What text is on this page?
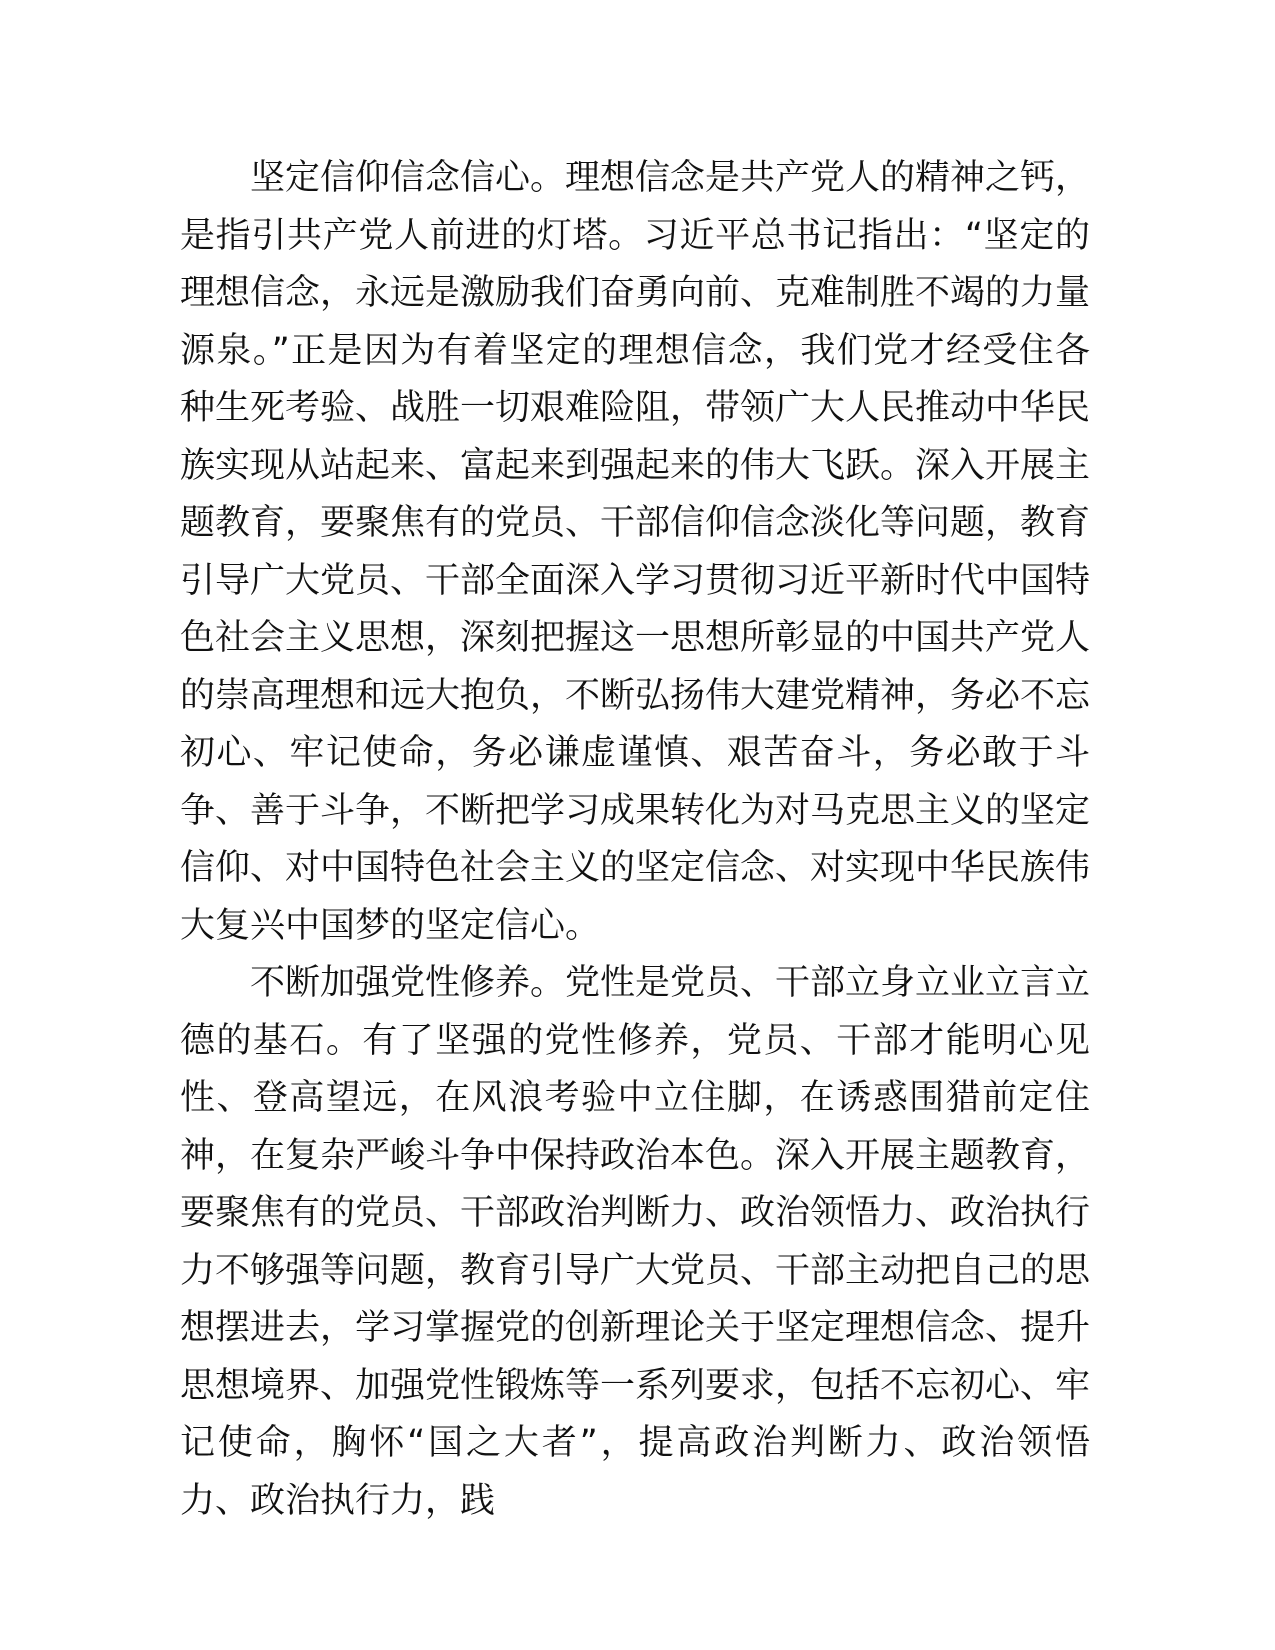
坚定信仰信念信心。理想信念是共产党人的精神之钙，是指引共产党人前进的灯塔。习近平总书记指出：“坚定的理想信念，永远是激励我们奋勇向前、克难制胜不竭的力量源泉。”正是因为有着坚定的理想信念，我们党才经受住各种生死考验、战胜一切艰难险阻，带领广大人民推动中华民族实现从站起来、富起来到强起来的伟大飞跃。深入开展主题教育，要聚焦有的党员、干部信仰信念淡化等问题，教育引导广大党员、干部全面深入学习贯彻习近平新时代中国特色社会主义思想，深刻把握这一思想所彰显的中国共产党人的崇高理想和远大抱负，不断弘扬伟大建党精神，务必不忘初心、牢记使命，务必谦虚谨慎、艰苦奋斗，务必敢于斗争、善于斗争，不断把学习成果转化为对马克思主义的坚定信仰、对中国特色社会主义的坚定信念、对实现中华民族伟大复兴中国梦的坚定信心。

不断加强党性修养。党性是党员、干部立身立业立言立德的基石。有了坚强的党性修养，党员、干部才能明心见性、登高望远，在风浪考验中立住脚，在诱惑围猎前定住神，在复杂严峻斗争中保持政治本色。深入开展主题教育，要聚焦有的党员、干部政治判断力、政治领悟力、政治执行力不够强等问题，教育引导广大党员、干部主动把自己的思想摆进去，学习掌握党的创新理论关于坚定理想信念、提升思想境界、加强党性锻炼等一系列要求，包括不忘初心、牢记使命，胸怀“国之大者”，提高政治判断力、政治领悟力、政治执行力，践
